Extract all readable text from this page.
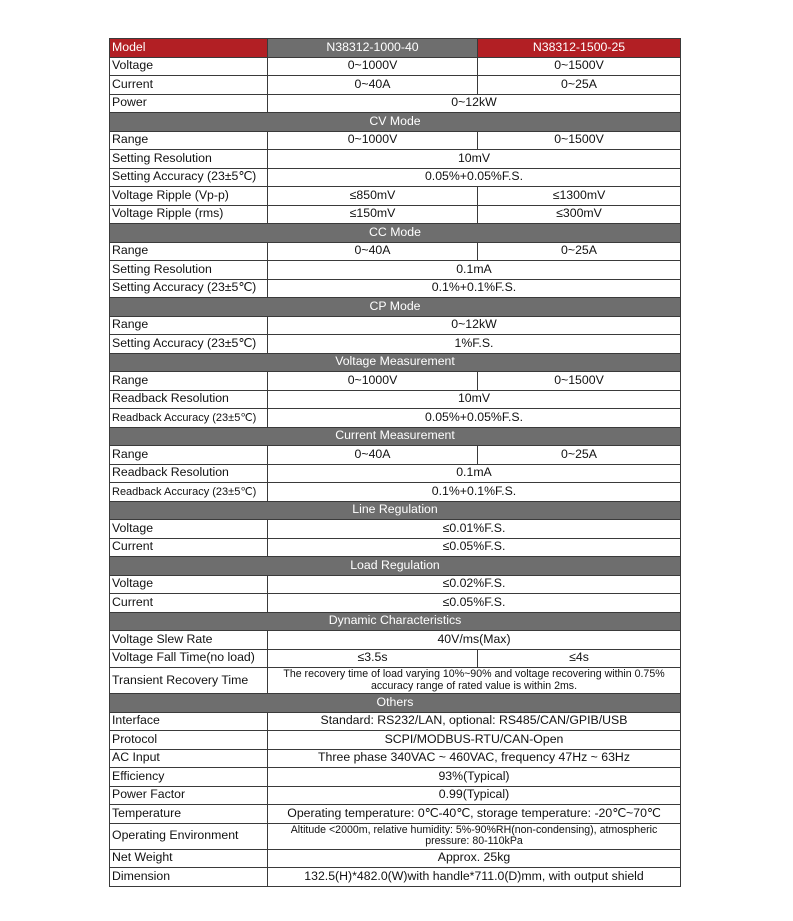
Model	N38312-1000-40	N38312-1500-25
Voltage	0~1000V	0~1500V
Current	0~40A	0~25A
Power	0~12kW	
CV Mode		
Range	0~1000V	0~1500V
Setting Resolution	10mV	
Setting Accuracy (23±5℃)	0.05%+0.05%F.S.	
Voltage Ripple (Vp-p)	≤850mV	≤1300mV
Voltage Ripple (rms)	≤150mV	≤300mV
CC Mode		
Range	0~40A	0~25A
Setting Resolution	0.1mA	
Setting Accuracy (23±5℃)	0.1%+0.1%F.S.	
CP Mode		
Range	0~12kW	
Setting Accuracy (23±5℃)	1%F.S.	
Voltage Measurement		
Range	0~1000V	0~1500V
Readback Resolution	10mV	
Readback Accuracy (23±5℃)	0.05%+0.05%F.S.	
Current Measurement		
Range	0~40A	0~25A
Readback Resolution	0.1mA	
Readback Accuracy (23±5℃)	0.1%+0.1%F.S.	
Line Regulation		
Voltage	≤0.01%F.S.	
Current	≤0.05%F.S.	
Load Regulation		
Voltage	≤0.02%F.S.	
Current	≤0.05%F.S.	
Dynamic Characteristics		
Voltage Slew Rate	40V/ms(Max)	
Voltage Fall Time(no load)	≤3.5s	≤4s
Transient Recovery Time	The recovery time of load varying 10%~90% and voltage recovering within 0.75% accuracy range of rated value is within 2ms.	
Others		
Interface	Standard: RS232/LAN, optional: RS485/CAN/GPIB/USB	
Protocol	SCPI/MODBUS-RTU/CAN-Open	
AC Input	Three phase 340VAC ~ 460VAC, frequency 47Hz ~ 63Hz	
Efficiency	93%(Typical)	
Power Factor	0.99(Typical)	
Temperature	Operating temperature: 0℃-40℃, storage temperature: -20℃~70℃	
Operating Environment	Altitude <2000m, relative humidity: 5%-90%RH(non-condensing), atmospheric pressure: 80-110kPa	
Net Weight	Approx. 25kg	
Dimension	132.5(H)*482.0(W)with handle*711.0(D)mm, with output shield	
